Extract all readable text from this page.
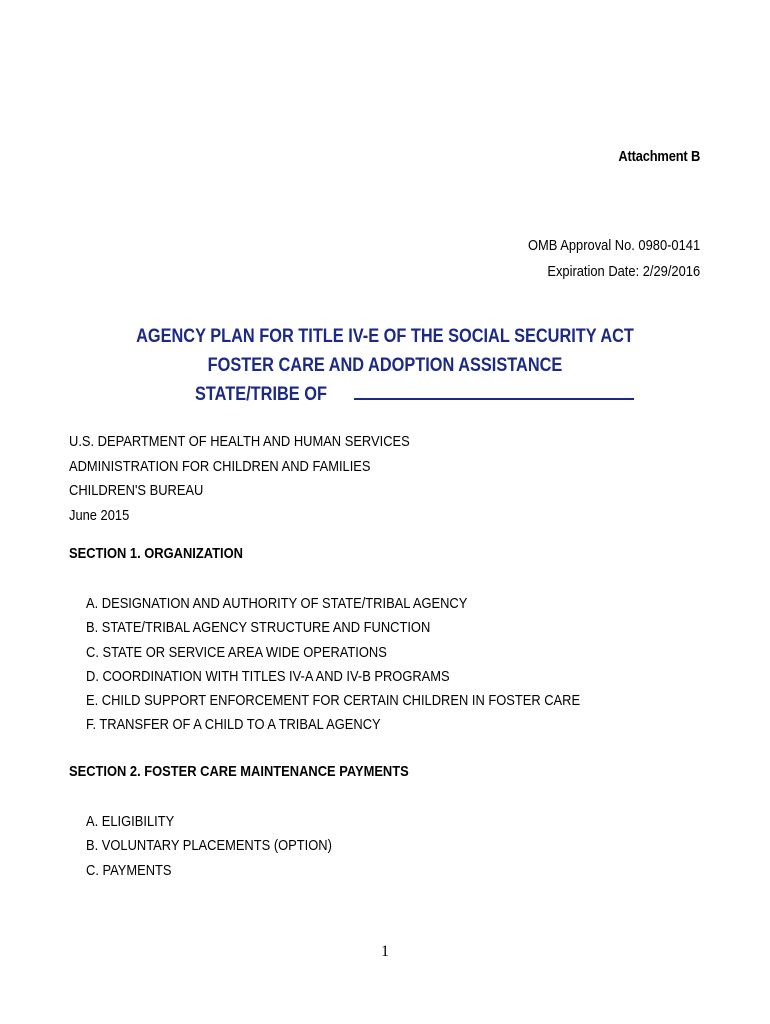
Attachment B
OMB Approval No. 0980-0141
Expiration Date: 2/29/2016
AGENCY PLAN FOR TITLE IV-E OF THE SOCIAL SECURITY ACT
FOSTER CARE AND ADOPTION ASSISTANCE
STATE/TRIBE OF
U.S. DEPARTMENT OF HEALTH AND HUMAN SERVICES
ADMINISTRATION FOR CHILDREN AND FAMILIES
CHILDREN'S BUREAU
June 2015
SECTION 1. ORGANIZATION
A. DESIGNATION AND AUTHORITY OF STATE/TRIBAL AGENCY
B. STATE/TRIBAL AGENCY STRUCTURE AND FUNCTION
C. STATE OR SERVICE AREA WIDE OPERATIONS
D. COORDINATION WITH TITLES IV-A AND IV-B PROGRAMS
E. CHILD SUPPORT ENFORCEMENT FOR CERTAIN CHILDREN IN FOSTER CARE
F. TRANSFER OF A CHILD TO A TRIBAL AGENCY
SECTION 2. FOSTER CARE MAINTENANCE PAYMENTS
A. ELIGIBILITY
B. VOLUNTARY PLACEMENTS (OPTION)
C. PAYMENTS
1
